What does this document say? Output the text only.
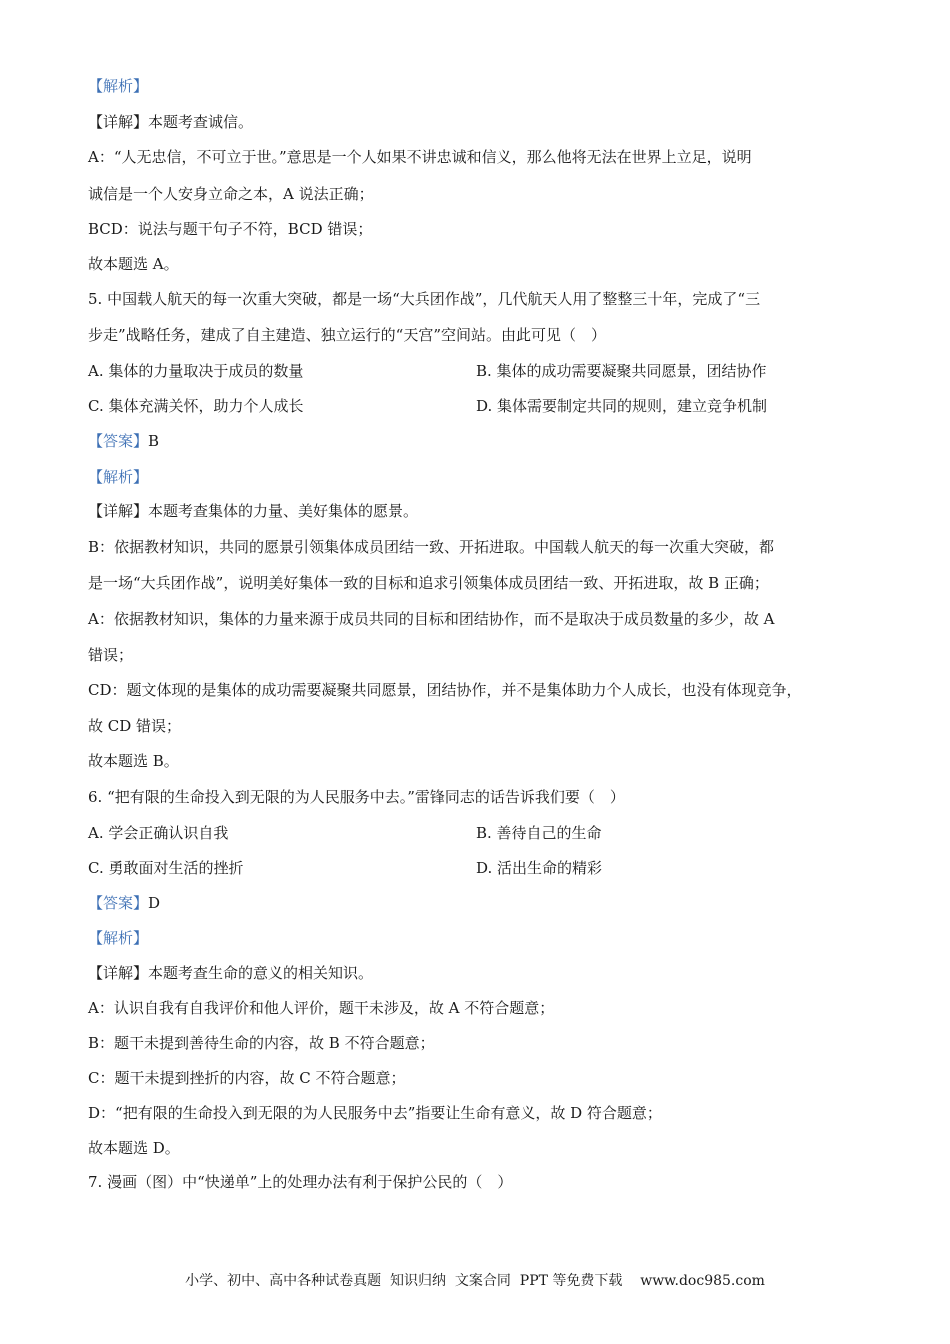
【解析】
【详解】本题考查诚信。
A：“人无忠信，不可立于世。”意思是一个人如果不讲忠诚和信义，那么他将无法在世界上立足，说明
诚信是一个人安身立命之本，A 说法正确；
BCD：说法与题干句子不符，BCD 错误；
故本题选 A。
5. 中国载人航天的每一次重大突破，都是一场“大兵团作战”，几代航天人用了整整三十年，完成了“三
步走”战略任务，建成了自主建造、独立运行的“天宫”空间站。由此可见（　）
A. 集体的力量取决于成员的数量	B. 集体的成功需要凝聚共同愿景，团结协作
C. 集体充满关怀，助力个人成长	D. 集体需要制定共同的规则，建立竞争机制
【答案】B
【解析】
【详解】本题考查集体的力量、美好集体的愿景。
B：依据教材知识，共同的愿景引领集体成员团结一致、开拓进取。中国载人航天的每一次重大突破，都
是一场“大兵团作战”，说明美好集体一致的目标和追求引领集体成员团结一致、开拓进取，故 B 正确；
A：依据教材知识，集体的力量来源于成员共同的目标和团结协作，而不是取决于成员数量的多少，故 A
错误；
CD：题文体现的是集体的成功需要凝聚共同愿景，团结协作，并不是集体助力个人成长，也没有体现竞争，
故 CD 错误；
故本题选 B。
6. “把有限的生命投入到无限的为人民服务中去。”雷锋同志的话告诉我们要（　）
A. 学会正确认识自我	B. 善待自己的生命
C. 勇敢面对生活的挫折	D. 活出生命的精彩
【答案】D
【解析】
【详解】本题考查生命的意义的相关知识。
A：认识自我有自我评价和他人评价，题干未涉及，故 A 不符合题意；
B：题干未提到善待生命的内容，故 B 不符合题意；
C：题干未提到挫折的内容，故 C 不符合题意；
D：“把有限的生命投入到无限的为人民服务中去”指要让生命有意义，故 D 符合题意；
故本题选 D。
7. 漫画（图）中“快递单”上的处理办法有利于保护公民的（　）
小学、初中、高中各种试卷真题  知识归纳  文案合同  PPT 等免费下载 www.doc985.com
